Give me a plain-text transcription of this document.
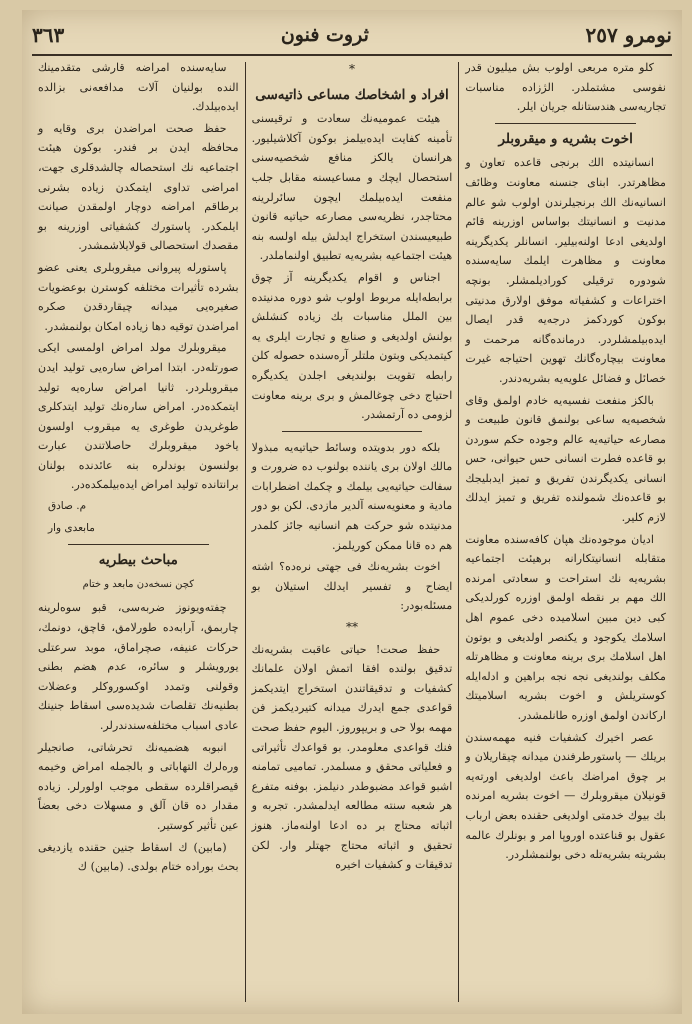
نومرو ٢٥٧
ثروت فنون
٣٦٣

كلو مترە مربعى اولوب بش ميليون قدر نفوسى مشتملدر. الژزاده مناسبات تجاريەسى هندستانلە جريان ايلر.

اخوت بشريە و ميقروبلر

انسانيتدە الك برنجى قاعدە تعاون و مظاهرتدر. ابناى جنسنە معاونت وظائف انسانيەنك الك برنجيلرندن اولوب شو عالم مدنيت و انسانيتك بواساس اوزرينە قائم اولديغى ادعا اولنەبيلير. انسانلر يكديگرينە معاونت و مظاهرت ايلمك سايەسندە شودورە ترقيلى كوراديلمشلر. بونچە اختراعات و كشفياتە موفق اولارق مدنيتى بوكون كوردكمز درجەيە قدر ايصال ايدەبيلمشلردر. درماندەگانە مرحمت و معاونت بيچارەگانك تهوين احتياجە غيرت خصائل و فضائل علويەيە بشريەدندر.

بالكز منفعت نفسيەيە خادم اولمق وقاى شخصيەيە ساعى بولنمق قانون طبيعت و مصارعە حياتيەيە عالم وجودە حكم سوردن بو قاعدە فطرت انسانى حس حيوانى، حس انسانى يكديگرندن تفريق و تميز ايدبليجك بو قاعدەنك شمولندە تفريق و تميز ايدلك لازم كلير.

اديان موجودەنك هپان كافەسندە معاونت متقابلە انسانيتكارانە برهيئت اجتماعيە بشريەيە نك استراحت و سعادتى امرندە الك مهم بر نقطە اولمق اوزرە كورلديكى كبى دين مبين اسلاميدە دخى عموم اهل اسلامك يكوجود و يكنصر اولديغى و بوتون اهل اسلامك برى برينە معاونت و مظاهرتلە مكلف بولنديغى نجە نجە براهين و ادلەايلە كوستريلش و اخوت بشريە اسلاميتك اركاندن اولمق اوزرە طانلمشدر.

عصر اخيرك كشفيات فنيە مهمەسندن بريلك — پاستورطرفندن ميدانە چيقاريلان و بر چوق امراضك باعث اولديغى اورتەيە قونيلان ميقروبلرك — اخوت بشريە امرندە بك بيوك خدمتى اولديغى حقندە بعض ارباب عقول بو قناعتدە اوروپا امر و بونلرك عالمە بشريتە بشريەتلە دخى بولنمشلردر.

*
افراد و اشخاصك مساعى ذاتيەسى

هيئت عموميەنك سعادت و ترقيسنى تأمينە كفايت ايدەبيلمز بوكون آكلاشيليور. هرانسان يالكز منافع شخصيەسنى استحصال ايچك و مساعيسنە مقابل جلب منفعت ايدەبيلمك ايچون سائرلرينە محتاجدر، نظريەسى مصارعە حياتيە قانون طبيعيسندن استخراج ايدلش بيلە اولسە بنە هيئت اجتماعيە بشريەيە تطبيق اولنماملدر.

اجناس و اقوام يكديگرينە آز چوق برابطەايلە مربوط اولوب شو دورە مدنيتدە بين الملل مناسبات بك زيادە كنشلش بولنش اولديغى و صنايع و تجارت ايلرى يە كيتمديكى وبتون ملتلر آرەسندە حصولە كلن رابطە تقويت بولنديغى اجلدن يكديگرە احتياج دخى چوغالمش و برى برينە معاونت لزومى دە آرتمشدر.

بلكە دور بدويتدە وسائط حياتيەيە مبذولا مالك اولان برى يانندە بولنوب دە ضرورت و سفالت حياتيەيى بيلمك و چكمك اضطرابات مادية و معنويەسنە آلدير مازدى. لكن بو دور مدنيتدە شو حركت هم انسانيە جائز كلمدر هم دە قانا ممكن كوريلمز.

اخوت بشريەنك فى جهتى نرەدە؟ اشتە ايضاح و تفسير ايدلك استيلان بو مسئلەبودر:

**

حفظ صحت! حياتى عاقبت بشريەنك تدقيق بولندە افقا اتمش اولان علمانك كشفيات و تدقيقاتندن استخراج ايتديكمز قواعدى جمع ايدرك ميدانە كتيرديكمز فن مهمە بولا حى و بريپوروز. اليوم حفظ صحت فنك قواعدى معلومدر. بو قواعدك تأثيراتى و فعلياتى محقق و مسلمدر. تماميى تمامنە اشبو قواعد مضبوطدر دنيلمز. بوفنە متفرع هر شعبە سنتە مطالعە ايدلمشدر. تجربە و اثباتە محتاج بر دە ادعا اولنەماز. هنوز تحقيق و اثباتە محتاج جهتلر وار. لكن تدقيقات و كشفيات اخيرە

سايەسندە امراضە قارشى متقدمينك الندە بولنيان آلات مدافعەنى بزالدە ايدەبيلدك.

حفظ صحت امراضدن برى وقايە و محافظە ايدن بر فندر. بوكون هيئت اجتماعيە نك استحصالە چالشدقلرى جهت، امراضى تداوى ايتمكدن زيادە بشرنى برطاقم امراضە دوچار اولمقدن صيانت ايلمكدر. پاستورك كشفياتى اوزرينە بو مقصدك استحصالى قولايلاشمشدر.

پاستورلە پيروانى ميقروبلرى يعنى عضو بشردە تأثيرات مختلفە كوسترن بوعضويات صغيرەيى ميدانە چيقاردقدن صكرە امراضدن توقيە دها زيادە امكان بولنمشدر.

ميقروبلرك مولد امراض اولمسى ايكى صورتلەدر. ابتدا امراض سارەيى توليد ايدن ميقروبلردر. ثانيا امراض سارەيە توليد ايتمكدەدر. امراض سارەنك توليد ايتدكلرى طوغريدن طوغرى يە ميقروب اولسون ياخود ميقروبلرك حاصلاتندن عبارت بولنسون بوندلرە بنە عائدندە بولنان برانتاندە توليد امراض ايدەبيلمكدەدر.

م. صادق
مابعدى وار
مباحث بيطريە
كچن نسخەدن مابعد و ختام

چفتەويونوز ضربەسى، قبو سوەلرينە چاربمق، آرابەدە طورلامق، قاچق، دونمك، حركات عنيفە، صچراماق، موبد سرعتلى يورويشلر و سائرە، عدم هضم بطنى وقولنى وتمدد اوكسوروكلر وعضلات بطنيەنك تقلصات شديدەسى اسقاط جنينك عادى اسباب مختلفەسندندرلر.

انبوبە هضميەنك تحرشاتى، صانجيلر ورەلرك التهاباتى و بالجملە امراض وخيمە قيصراقلردە سقطى موجب اولورلر. زيادە مقدار دە قان آلق و مسهلات دخى بعضاً عين تأثير كوستير.

(مابين) ك اسقاط جنين حقندە يازديغى بحث بوراده ختام بولدى. (مابين) ك
